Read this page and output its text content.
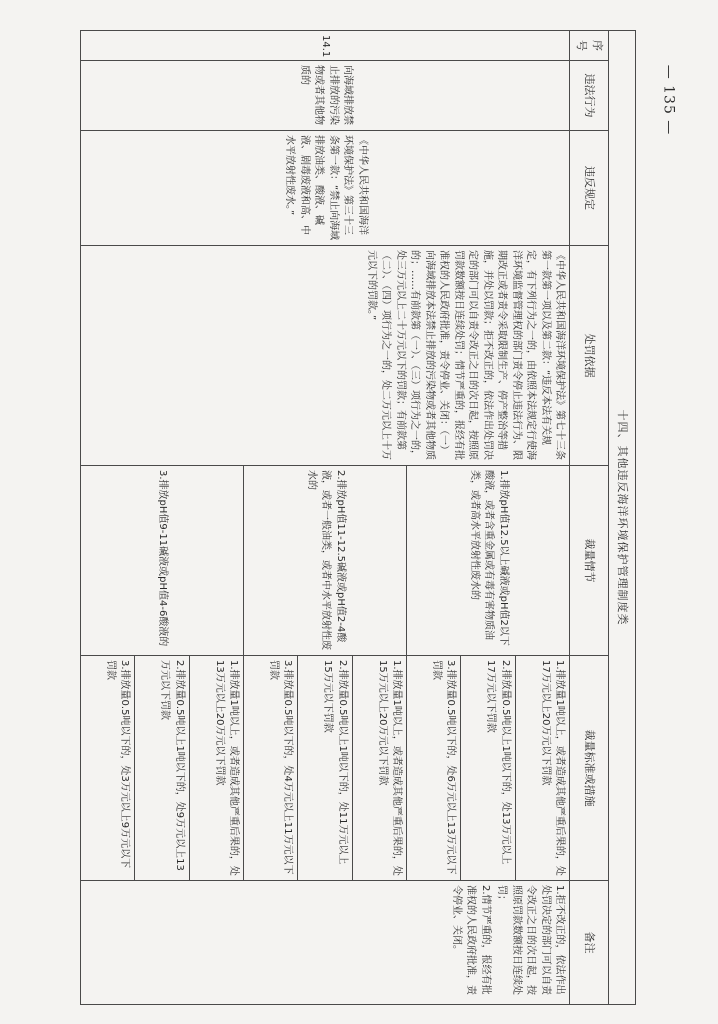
— 135 —
十四、其他违反海洋环境保护管理制度类						
序号	违法行为	违反规定	处罚依据	裁量情节	裁量标准或措施	备注
14.1	向海域排放禁止排放的污染物或者其他物质的	《中华人民共和国海洋环境保护法》第三十三条第一款：“禁止向海域排放油类、酸液、碱液、剧毒废液和高、中水平放射性废水。”	《中华人民共和国海洋环境保护法》第七十三条第一款第一项以及第二款：“违反本法有关规定，有下列行为之一的，由依照本法规定行使海洋环境监督管理权的部门责令停止违法行为、限期改正或者责令采取限制生产、停产整治等措施，并处以罚款；拒不改正的，依法作出处罚决定的部门可以自责令改正之日的次日起，按照原罚款数额按日连续处罚；情节严重的，报经有批准权的人民政府批准，责令停业、关闭：（一）向海域排放本法禁止排放的污染物或者其他物质的；……有前款第（一）、（三）项行为之一的，处三万元以上二十万元以下的罚款；有前款第（二）、（四）项行为之一的，处二万元以上十万元以下的罚款。”	1.排放pH值12.5以上碱液或pH值2以下酸液，或者含重金属或有毒有害物质油类，或者高水平放射性废水的	1.排放量1吨以上，或者造成其他严重后果的，处17万元以上20万元以下罚款	1.拒不改正的，依法作出处罚决定的部门可以自责令改正之日的次日起，按照原罚款数额按日连续处罚；
2.情节严重的，报经有批准权的人民政府批准，责令停业、关闭。

					2.排放量0.5吨以上1吨以下的，处13万元以上17万元以下罚款	
					3.排放量0.5吨以下的，处6万元以上13万元以下罚款	
				2.排放pH值11-12.5碱液或pH值2-4酸液，或者一般油类，或者中水平放射性废水的	1.排放量1吨以上，或者造成其他严重后果的，处15万元以上20万元以下罚款	
					2.排放量0.5吨以上1吨以下的，处11万元以上15万元以下罚款	
					3.排放量0.5吨以下的，处4万元以上11万元以下罚款	
				3.排放pH值9-11碱液或pH值4-6酸液的	1.排放量1吨以上，或者造成其他严重后果的，处13万元以上20万元以下罚款	
					2.排放量0.5吨以上1吨以下的，处9万元以上13万元以下罚款	
					3.排放量0.5吨以下的，处3万元以上9万元以下罚款	
